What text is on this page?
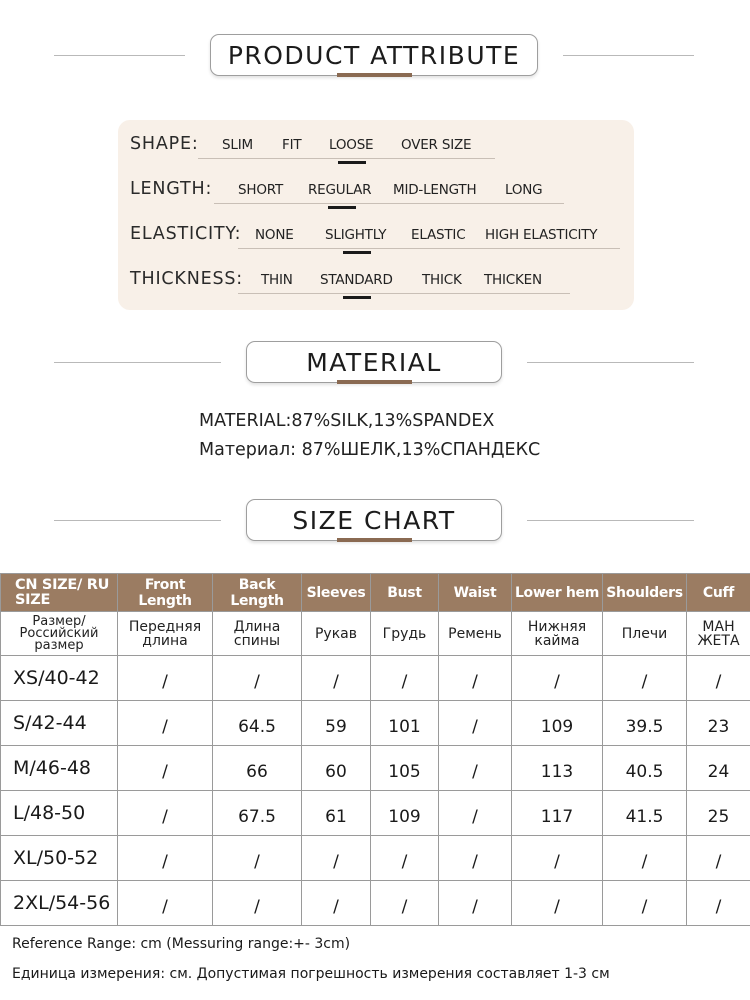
PRODUCT ATTRIBUTE
SHAPE: SLIM FIT LOOSE OVER SIZE
LENGTH: SHORT REGULAR MID-LENGTH LONG
ELASTICITY: NONE SLIGHTLY ELASTIC HIGH ELASTICITY
THICKNESS: THIN STANDARD THICK THICKEN
MATERIAL
MATERIAL:87%SILK,13%SPANDEX
Материал: 87%ШЕЛК,13%СПАНДЕКС
SIZE CHART
CN SIZE/ RU SIZE	Front Length	Back Length	Sleeves	Bust	Waist	Lower hem	Shoulders	Cuff
Размер/ Российский размер	Передняя длина	Длина спины	Рукав	Грудь	Ремень	Нижняя кайма	Плечи	МАН ЖЕТА
XS/40-42	/	/	/	/	/	/	/	/
S/42-44	/	64.5	59	101	/	109	39.5	23
M/46-48	/	66	60	105	/	113	40.5	24
L/48-50	/	67.5	61	109	/	117	41.5	25
XL/50-52	/	/	/	/	/	/	/	/
2XL/54-56	/	/	/	/	/	/	/	/
Reference Range: cm (Messuring range:+- 3cm)
Единица измерения: см. Допустимая погрешность измерения составляет 1-3 см
